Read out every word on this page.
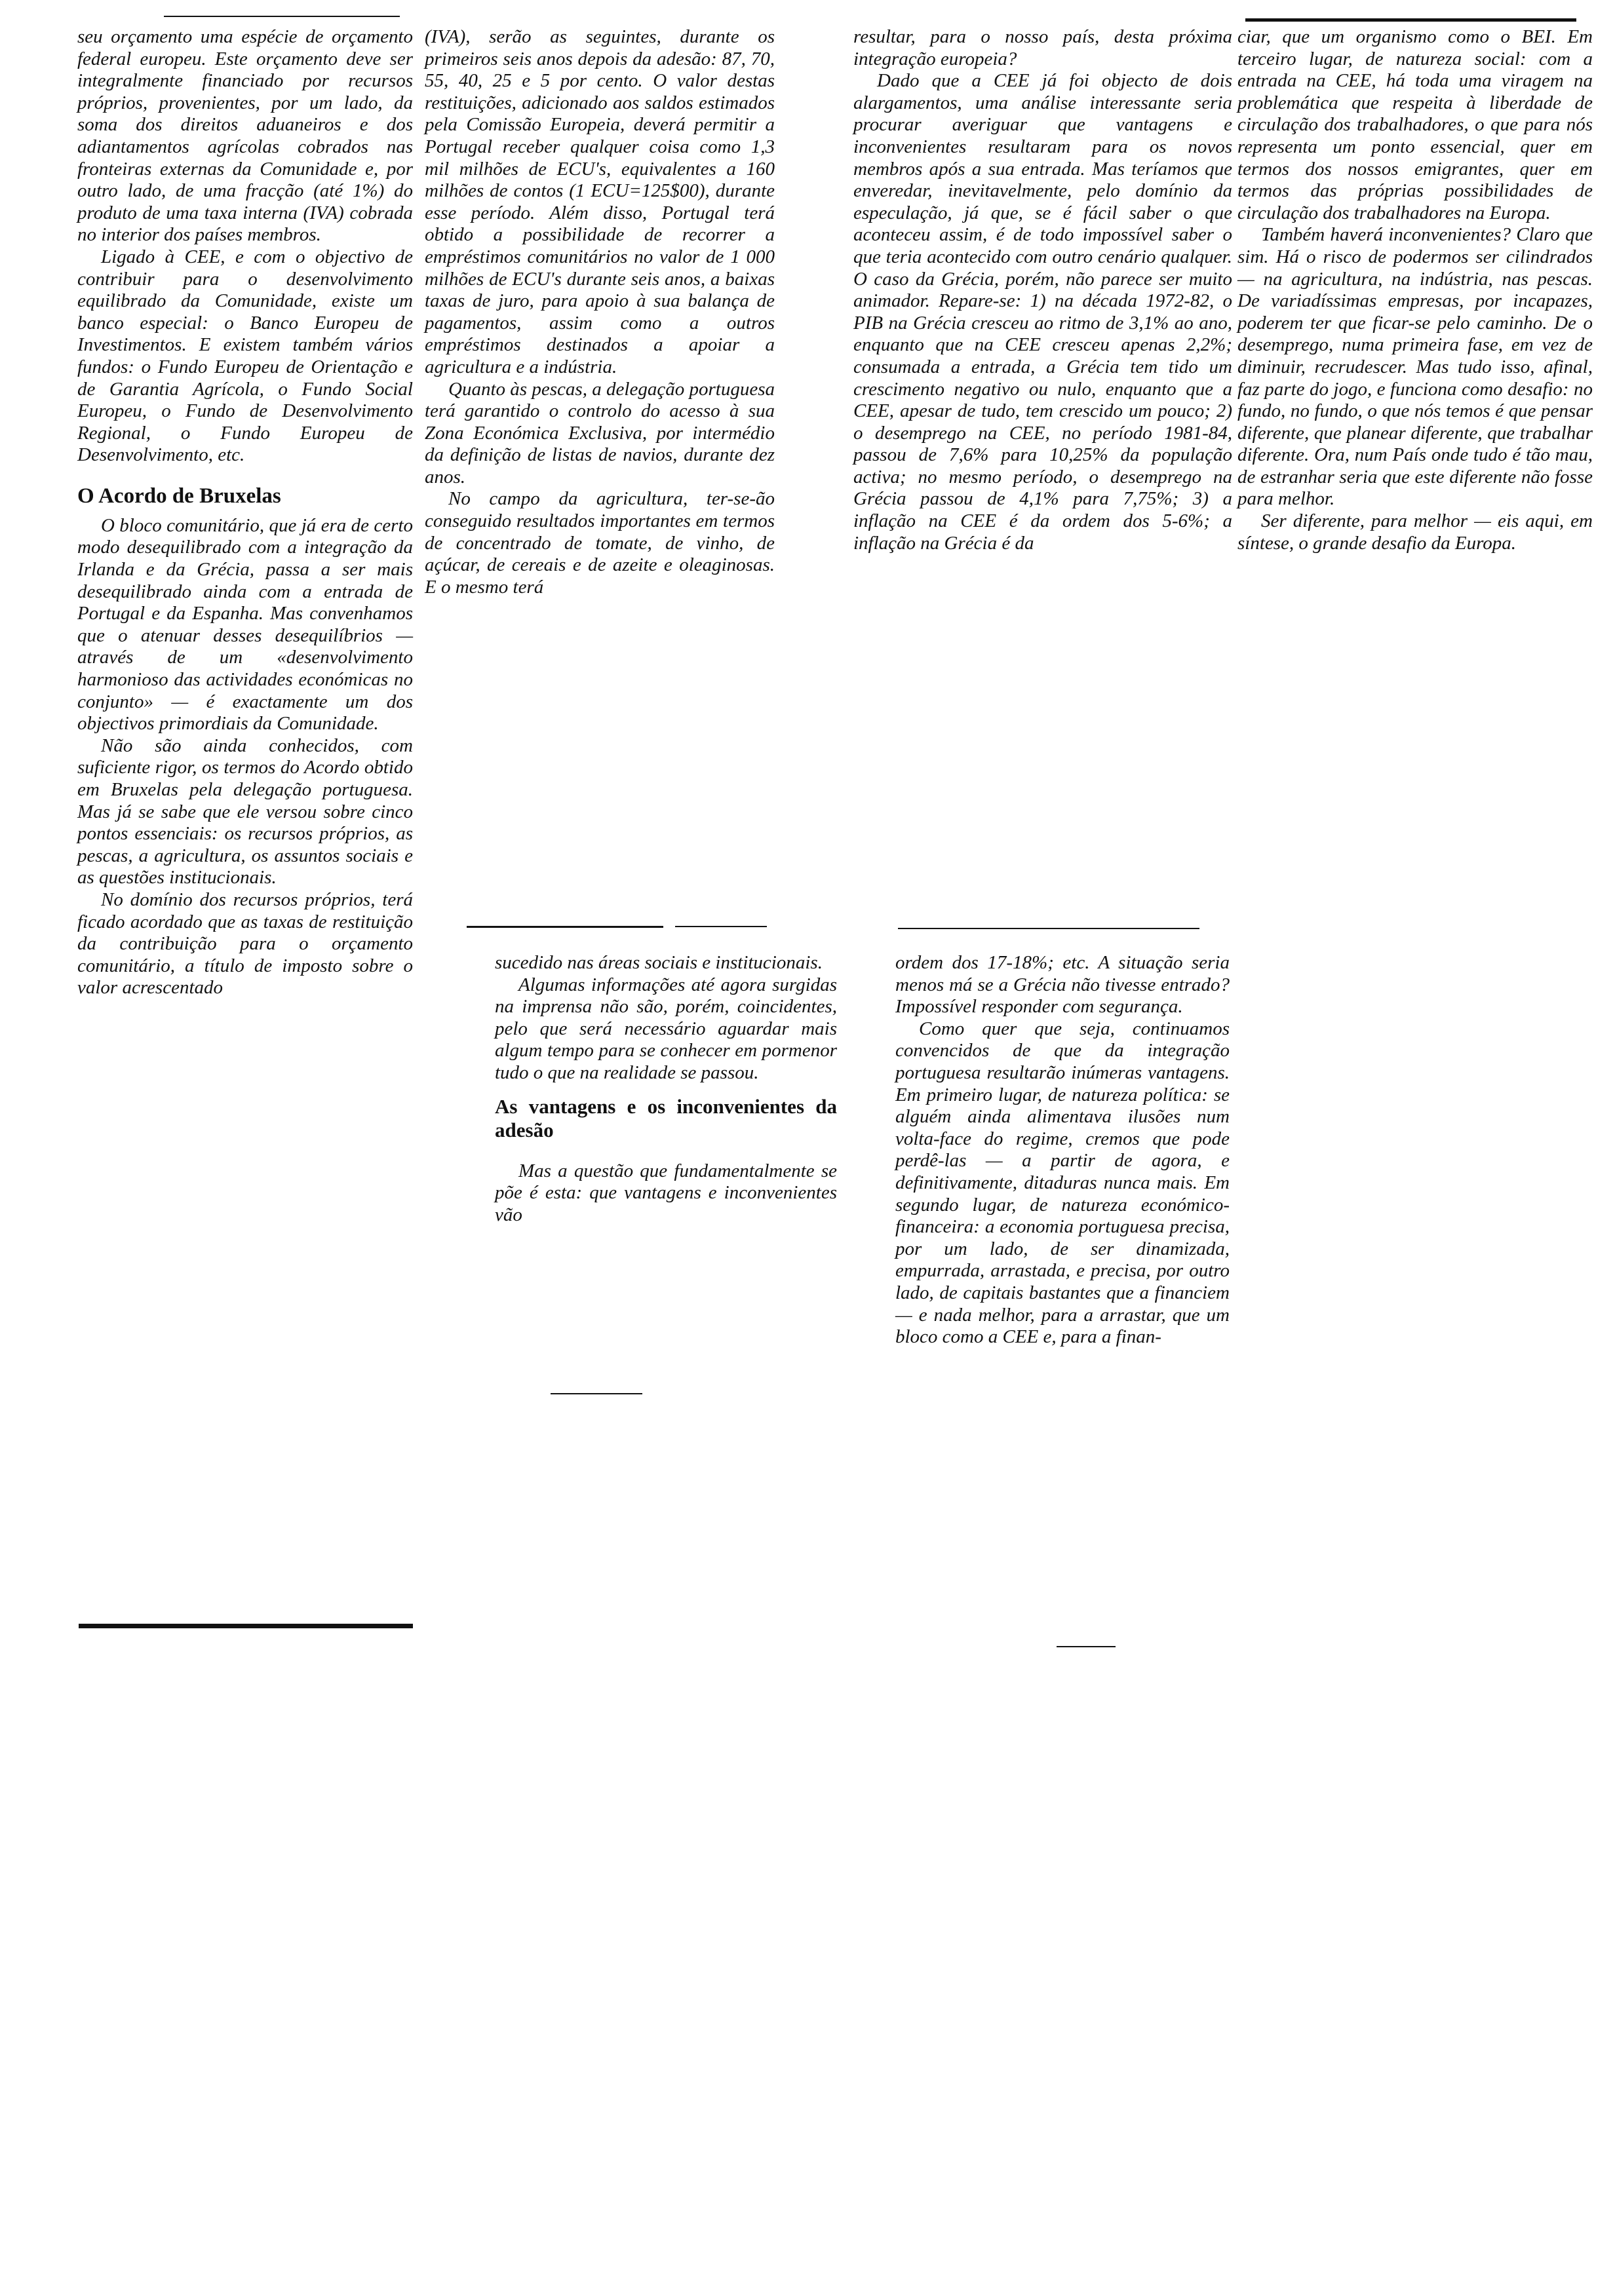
seu orçamento uma espécie de orçamento federal europeu. Este orçamento deve ser integralmente financiado por recursos próprios, provenientes, por um lado, da soma dos direitos aduaneiros e dos adiantamentos agrícolas cobrados nas fronteiras externas da Comunidade e, por outro lado, de uma fracção (até 1%) do produto de uma taxa interna (IVA) cobrada no interior dos países membros.

Ligado à CEE, e com o objectivo de contribuir para o desenvolvimento equilibrado da Comunidade, existe um banco especial: o Banco Europeu de Investimentos. E existem também vários fundos: o Fundo Europeu de Orientação e de Garantia Agrícola, o Fundo Social Europeu, o Fundo de Desenvolvimento Regional, o Fundo Europeu de Desenvolvimento, etc.

O Acordo de Bruxelas

O bloco comunitário, que já era de certo modo desequilibrado com a integração da Irlanda e da Grécia, passa a ser mais desequilibrado ainda com a entrada de Portugal e da Espanha. Mas convenhamos que o atenuar desses desequilíbrios — através de um «desenvolvimento harmonioso das actividades económicas no conjunto» — é exactamente um dos objectivos primordiais da Comunidade.

Não são ainda conhecidos, com suficiente rigor, os termos do Acordo obtido em Bruxelas pela delegação portuguesa. Mas já se sabe que ele versou sobre cinco pontos essenciais: os recursos próprios, as pescas, a agricultura, os assuntos sociais e as questões institucionais.

No domínio dos recursos próprios, terá ficado acordado que as taxas de restituição da contribuição para o orçamento comunitário, a título de imposto sobre o valor acrescentado

(IVA), serão as seguintes, durante os primeiros seis anos depois da adesão: 87, 70, 55, 40, 25 e 5 por cento. O valor destas restituições, adicionado aos saldos estimados pela Comissão Europeia, deverá permitir a Portugal receber qualquer coisa como 1,3 mil milhões de ECU's, equivalentes a 160 milhões de contos (1 ECU=125$00), durante esse período. Além disso, Portugal terá obtido a possibilidade de recorrer a empréstimos comunitários no valor de 1 000 milhões de ECU's durante seis anos, a baixas taxas de juro, para apoio à sua balança de pagamentos, assim como a outros empréstimos destinados a apoiar a agricultura e a indústria.

Quanto às pescas, a delegação portuguesa terá garantido o controlo do acesso à sua Zona Económica Exclusiva, por intermédio da definição de listas de navios, durante dez anos.

No campo da agricultura, ter-se-ão conseguido resultados importantes em termos de concentrado de tomate, de vinho, de açúcar, de cereais e de azeite e oleaginosas. E o mesmo terá

sucedido nas áreas sociais e institucionais.

Algumas informações até agora surgidas na imprensa não são, porém, coincidentes, pelo que será necessário aguardar mais algum tempo para se conhecer em pormenor tudo o que na realidade se passou.

As vantagens e os inconvenientes da adesão

Mas a questão que fundamentalmente se põe é esta: que vantagens e inconvenientes vão

resultar, para o nosso país, desta próxima integração europeia?

Dado que a CEE já foi objecto de dois alargamentos, uma análise interessante seria procurar averiguar que vantagens e inconvenientes resultaram para os novos membros após a sua entrada. Mas teríamos que enveredar, inevitavelmente, pelo domínio da especulação, já que, se é fácil saber o que aconteceu assim, é de todo impossível saber o que teria acontecido com outro cenário qualquer. O caso da Grécia, porém, não parece ser muito animador. Repare-se: 1) na década 1972-82, o PIB na Grécia cresceu ao ritmo de 3,1% ao ano, enquanto que na CEE cresceu apenas 2,2%; consumada a entrada, a Grécia tem tido um crescimento negativo ou nulo, enquanto que a CEE, apesar de tudo, tem crescido um pouco; 2) o desemprego na CEE, no período 1981-84, passou de 7,6% para 10,25% da população activa; no mesmo período, o desemprego na Grécia passou de 4,1% para 7,75%; 3) a inflação na CEE é da ordem dos 5-6%; a inflação na Grécia é da

ordem dos 17-18%; etc. A situação seria menos má se a Grécia não tivesse entrado? Impossível responder com segurança.

Como quer que seja, continuamos convencidos de que da integração portuguesa resultarão inúmeras vantagens. Em primeiro lugar, de natureza política: se alguém ainda alimentava ilusões num volta-face do regime, cremos que pode perdê-las — a partir de agora, e definitivamente, ditaduras nunca mais. Em segundo lugar, de natureza económico-financeira: a economia portuguesa precisa, por um lado, de ser dinamizada, empurrada, arrastada, e precisa, por outro lado, de capitais bastantes que a financiem — e nada melhor, para a arrastar, que um bloco como a CEE e, para a finan-

ciar, que um organismo como o BEI. Em terceiro lugar, de natureza social: com a entrada na CEE, há toda uma viragem na problemática que respeita à liberdade de circulação dos trabalhadores, o que para nós representa um ponto essencial, quer em termos dos nossos emigrantes, quer em termos das próprias possibilidades de circulação dos trabalhadores na Europa.

Também haverá inconvenientes? Claro que sim. Há o risco de podermos ser cilindrados — na agricultura, na indústria, nas pescas. De variadíssimas empresas, por incapazes, poderem ter que ficar-se pelo caminho. De o desemprego, numa primeira fase, em vez de diminuir, recrudescer. Mas tudo isso, afinal, faz parte do jogo, e funciona como desafio: no fundo, no fundo, o que nós temos é que pensar diferente, que planear diferente, que trabalhar diferente. Ora, num País onde tudo é tão mau, de estranhar seria que este diferente não fosse para melhor.

Ser diferente, para melhor — eis aqui, em síntese, o grande desafio da Europa.
